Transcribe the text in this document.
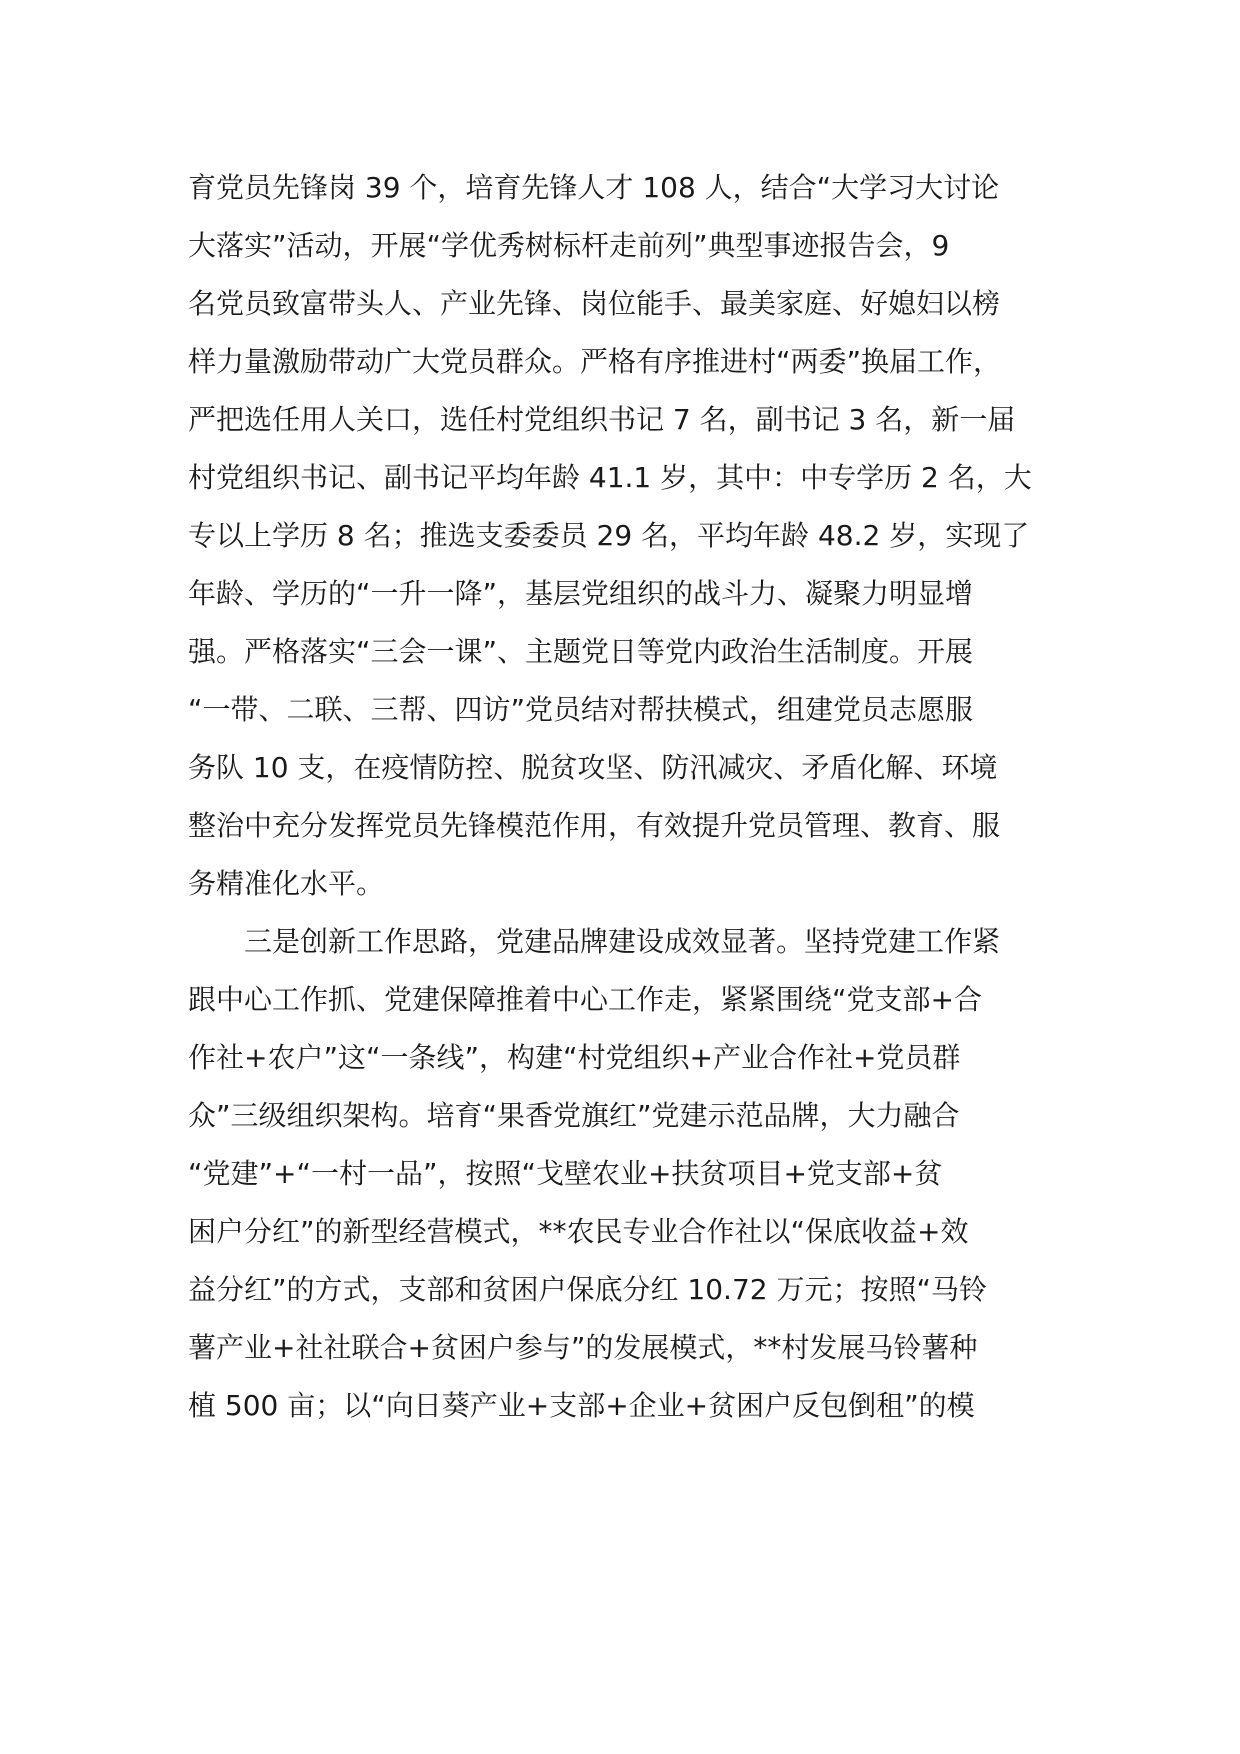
育党员先锋岗 39 个，培育先锋人才 108 人，结合“大学习大讨论
大落实”活动，开展“学优秀树标杆走前列”典型事迹报告会，9
名党员致富带头人、产业先锋、岗位能手、最美家庭、好媳妇以榜
样力量激励带动广大党员群众。严格有序推进村“两委”换届工作，
严把选任用人关口，选任村党组织书记 7 名，副书记 3 名，新一届
村党组织书记、副书记平均年龄 41.1 岁，其中：中专学历 2 名，大
专以上学历 8 名；推选支委委员 29 名，平均年龄 48.2 岁，实现了
年龄、学历的“一升一降”，基层党组织的战斗力、凝聚力明显增
强。严格落实“三会一课”、主题党日等党内政治生活制度。开展
“一带、二联、三帮、四访”党员结对帮扶模式，组建党员志愿服
务队 10 支，在疫情防控、脱贫攻坚、防汛减灾、矛盾化解、环境
整治中充分发挥党员先锋模范作用，有效提升党员管理、教育、服
务精准化水平。
三是创新工作思路，党建品牌建设成效显著。坚持党建工作紧
跟中心工作抓、党建保障推着中心工作走，紧紧围绕“党支部+合
作社+农户”这“一条线”，构建“村党组织+产业合作社+党员群
众”三级组织架构。培育“果香党旗红”党建示范品牌，大力融合
“党建”+“一村一品”，按照“戈壁农业+扶贫项目+党支部+贫
困户分红”的新型经营模式，**农民专业合作社以“保底收益+效
益分红”的方式，支部和贫困户保底分红 10.72 万元；按照“马铃
薯产业+社社联合+贫困户参与”的发展模式，**村发展马铃薯种
植 500 亩；以“向日葵产业+支部+企业+贫困户反包倒租”的模
